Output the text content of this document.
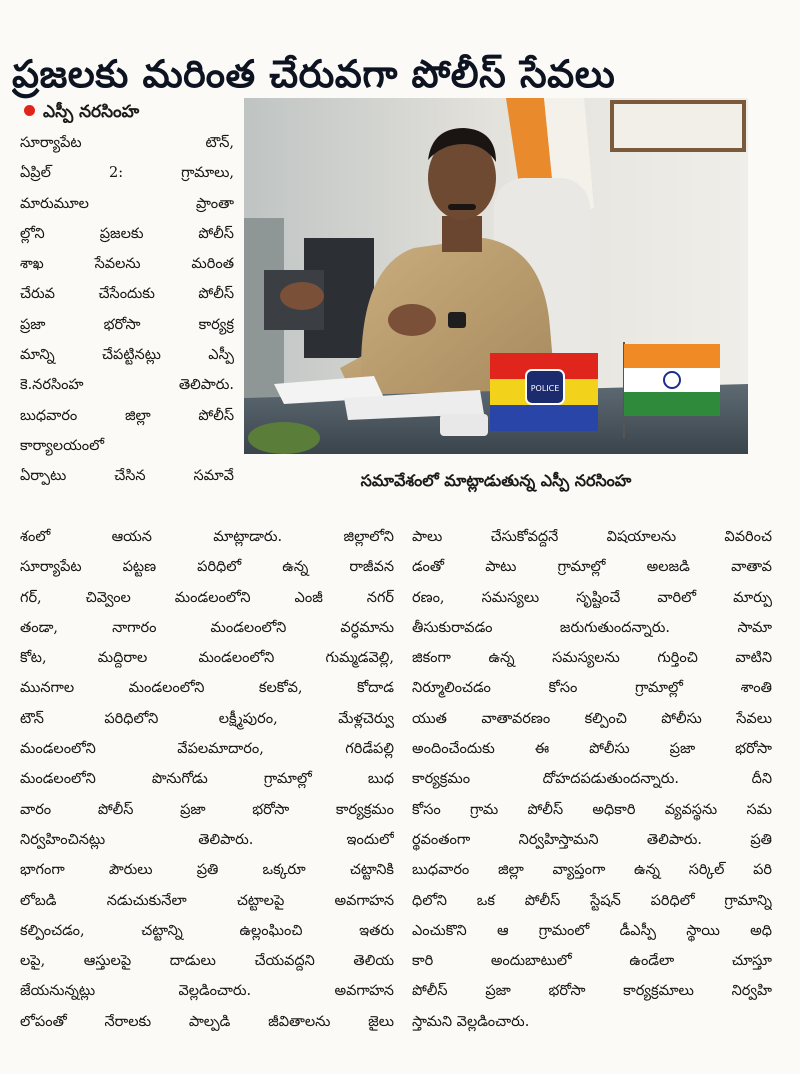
ప్రజలకు మరింత చేరువగా పోలీస్ సేవలు
ఎస్పీ నరసింహ
సూర్యాపేట టౌన్,
ఏప్రిల్ 2: గ్రామాలు,
మారుమూల ప్రాంతా
ల్లోని ప్రజలకు పోలీస్
శాఖ సేవలను మరింత
చేరువ చేసేందుకు పోలీస్
ప్రజా భరోసా కార్యక్ర
మాన్ని చేపట్టినట్లు ఎస్పీ
కె.నరసింహ తెలిపారు.
బుధవారం జిల్లా పోలీస్
కార్యాలయంలో
ఏర్పాటు చేసిన సమావే
POLICE
సమావేశంలో మాట్లాడుతున్న ఎస్పీ నరసింహ
శంలో ఆయన మాట్లాడారు. జిల్లాలోని
సూర్యాపేట పట్టణ పరిధిలో ఉన్న రాజీవన
గర్, చివ్వెంల మండలంలోని ఎంజీ నగర్
తండా, నాగారం మండలంలోని వర్ధమాను
కోట, మద్దిరాల మండలంలోని గుమ్మడవెల్లి,
మునగాల మండలంలోని కలకోవ, కోదాడ
టౌన్ పరిధిలోని లక్ష్మీపురం, మేళ్లచెర్వు
మండలంలోని వేపలమాదారం, గరిడేపల్లి
మండలంలోని పొనుగోడు గ్రామాల్లో బుధ
వారం పోలీస్ ప్రజా భరోసా కార్యక్రమం
నిర్వహించినట్లు తెలిపారు. ఇందులో
భాగంగా పౌరులు ప్రతి ఒక్కరూ చట్టానికి
లోబడి నడుచుకునేలా చట్టాలపై అవగాహన
కల్పించడం, చట్టాన్ని ఉల్లంఘించి ఇతరు
లపై, ఆస్తులపై దాడులు చేయవద్దని తెలియ
జేయనున్నట్లు వెల్లడించారు. అవగాహన
లోపంతో నేరాలకు పాల్పడి జీవితాలను జైలు
పాలు చేసుకోవద్దనే విషయాలను వివరించ
డంతో పాటు గ్రామాల్లో అలజడి వాతావ
రణం, సమస్యలు సృష్టించే వారిలో మార్పు
తీసుకురావడం జరుగుతుందన్నారు. సామా
జికంగా ఉన్న సమస్యలను గుర్తించి వాటిని
నిర్మూలించడం కోసం గ్రామాల్లో శాంతి
యుత వాతావరణం కల్పించి పోలీసు సేవలు
అందించేందుకు ఈ పోలీసు ప్రజా భరోసా
కార్యక్రమం దోహదపడుతుందన్నారు. దీని
కోసం గ్రామ పోలీస్ అధికారి వ్యవస్థను సమ
ర్థవంతంగా నిర్వహిస్తామని తెలిపారు. ప్రతి
బుధవారం జిల్లా వ్యాప్తంగా ఉన్న సర్కిల్ పరి
ధిలోని ఒక పోలీస్ స్టేషన్ పరిధిలో గ్రామాన్ని
ఎంచుకొని ఆ గ్రామంలో డీఎస్పీ స్థాయి అధి
కారి అందుబాటులో ఉండేలా చూస్తూ
పోలీస్ ప్రజా భరోసా కార్యక్రమాలు నిర్వహి
స్తామని వెల్లడించారు.
